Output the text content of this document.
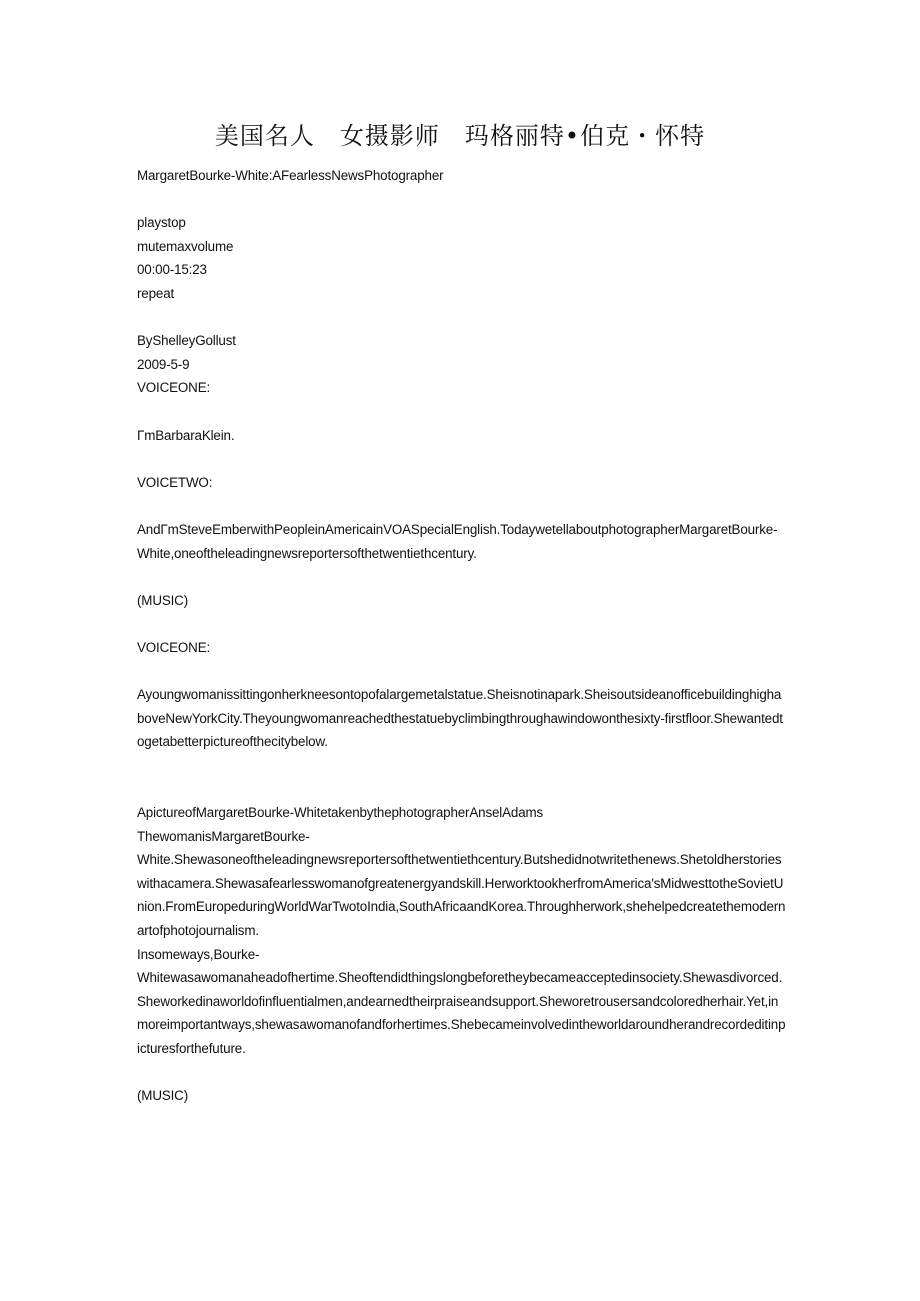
美国名人　女摄影师　玛格丽特•伯克・怀特

MargaretBourke-White:AFearlessNewsPhotographer

playstop

mutemaxvolume

00:00-15:23

repeat

ByShelleyGollust

2009-5-9

VOICEONE:

ΓmBarbaraKlein.

VOICETWO:

AndΓmSteveEmberwithPeopleinAmericainVOASpecialEnglish.TodaywetellaboutphotographerMargaretBourke-White,oneoftheleadingnewsreportersofthetwentiethcentury.

(MUSIC)

VOICEONE:

Ayoungwomanissittingonherkneesontopofalargemetalstatue.Sheisnotinapark.SheisoutsideanofficebuildinghighaboveNewYorkCity.Theyoungwomanreachedthestatuebyclimbingthroughawindowonthesixty-firstfloor.Shewantedtogetabetterpictureofthecitybelow.

ApictureofMargaretBourke-WhitetakenbythephotographerAnselAdams

ThewomanisMargaretBourke-

White.Shewasoneoftheleadingnewsreportersofthetwentiethcentury.Butshedidnotwritethenews.Shetoldherstorieswithacamera.Shewasafearlesswomanofgreatenergyandskill.HerworktookherfromAmerica'sMidwesttotheSovietUnion.FromEuropeduringWorldWarTwotoIndia,SouthAfricaandKorea.Throughherwork,shehelpedcreatethemodernartofphotojournalism.

Insomeways,Bourke-

Whitewasawomanaheadofhertime.Sheoftendidthingslongbeforetheybecameacceptedinsociety.Shewasdivorced.Sheworkedinaworldofinfluentialmen,andearnedtheirpraiseandsupport.Sheworetrousersandcoloredherhair.Yet,inmoreimportantways,shewasawomanofandforhertimes.Shebecameinvolvedintheworldaroundherandrecordeditinpicturesforthefuture.

(MUSIC)
